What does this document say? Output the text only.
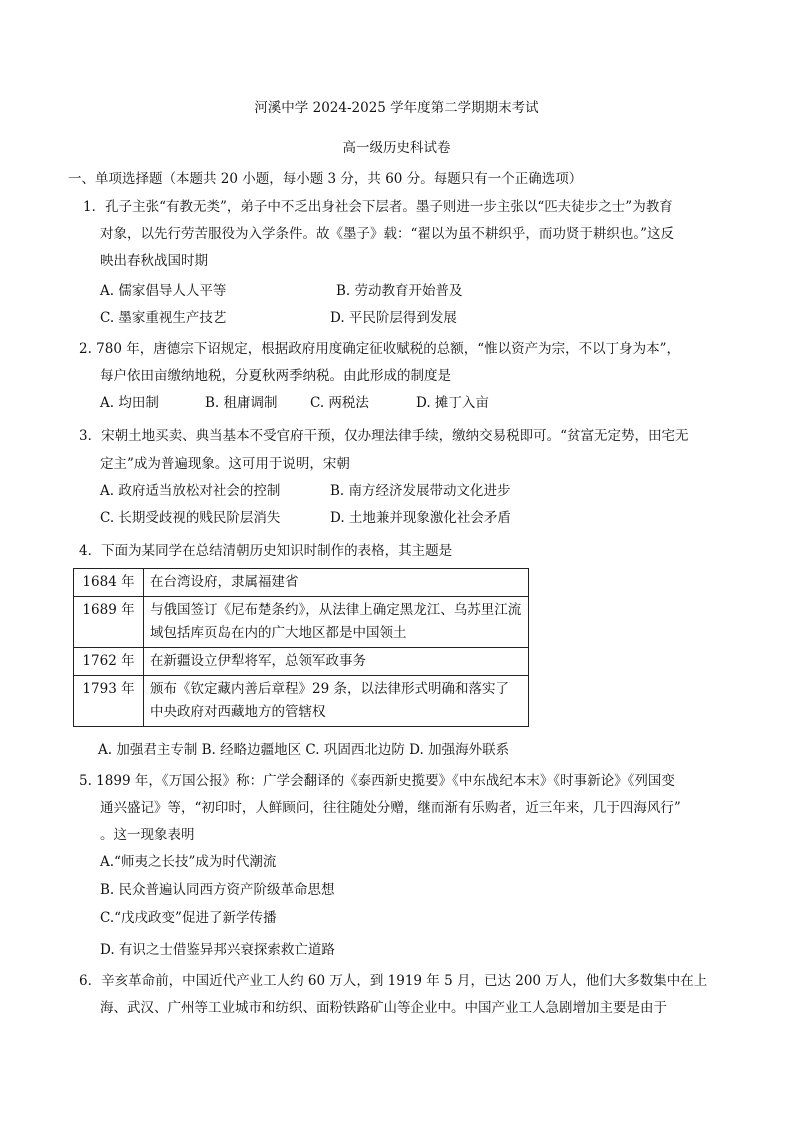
河溪中学 2024-2025 学年度第二学期期末考试
高一级历史科试卷
一、单项选择题（本题共 20 小题，每小题 3 分，共 60 分。每题只有一个正确选项）
1．孔子主张“有教无类”，弟子中不乏出身社会下层者。墨子则进一步主张以“匹夫徒步之士”为教育
对象，以先行劳苦服役为入学条件。故《墨子》载：“翟以为虽不耕织乎，而功贤于耕织也。”这反
映出春秋战国时期
A. 儒家倡导人人平等	B. 劳动教育开始普及
C. 墨家重视生产技艺	D. 平民阶层得到发展
2. 780 年，唐德宗下诏规定，根据政府用度确定征收赋税的总额，“惟以资产为宗，不以丁身为本”，
每户依田亩缴纳地税，分夏秋两季纳税。由此形成的制度是
A. 均田制	B. 租庸调制 C. 两税法	D. 摊丁入亩
3．宋朝土地买卖、典当基本不受官府干预，仅办理法律手续，缴纳交易税即可。“贫富无定势，田宅无
定主”成为普遍现象。这可用于说明，宋朝
A. 政府适当放松对社会的控制	B. 南方经济发展带动文化进步
C. 长期受歧视的贱民阶层消失	D. 土地兼并现象激化社会矛盾
4．下面为某同学在总结清朝历史知识时制作的表格，其主题是
1684 年	在台湾设府，隶属福建省
1689 年	与俄国签订《尼布楚条约》，从法律上确定黑龙江、乌苏里江流域包括库页岛在内的广大地区都是中国领土
1762 年	在新疆设立伊犁将军，总领军政事务
1793 年	颁布《钦定藏内善后章程》29 条，以法律形式明确和落实了中央政府对西藏地方的管辖权
A. 加强君主专制 B. 经略边疆地区 C. 巩固西北边防 D. 加强海外联系
5. 1899 年，《万国公报》称：广学会翻译的《泰西新史揽要》《中东战纪本末》《时事新论》《列国变
通兴盛记》等，“初印时，人鲜顾问，往往随处分赠，继而渐有乐购者，近三年来，几于四海风行”
。这一现象表明
A.“师夷之长技”成为时代潮流
B. 民众普遍认同西方资产阶级革命思想
C.“戊戌政变”促进了新学传播
D. 有识之士借鉴异邦兴衰探索救亡道路
6．辛亥革命前，中国近代产业工人约 60 万人，到 1919 年 5 月，已达 200 万人，他们大多数集中在上
海、武汉、广州等工业城市和纺织、面粉铁路矿山等企业中。中国产业工人急剧增加主要是由于
